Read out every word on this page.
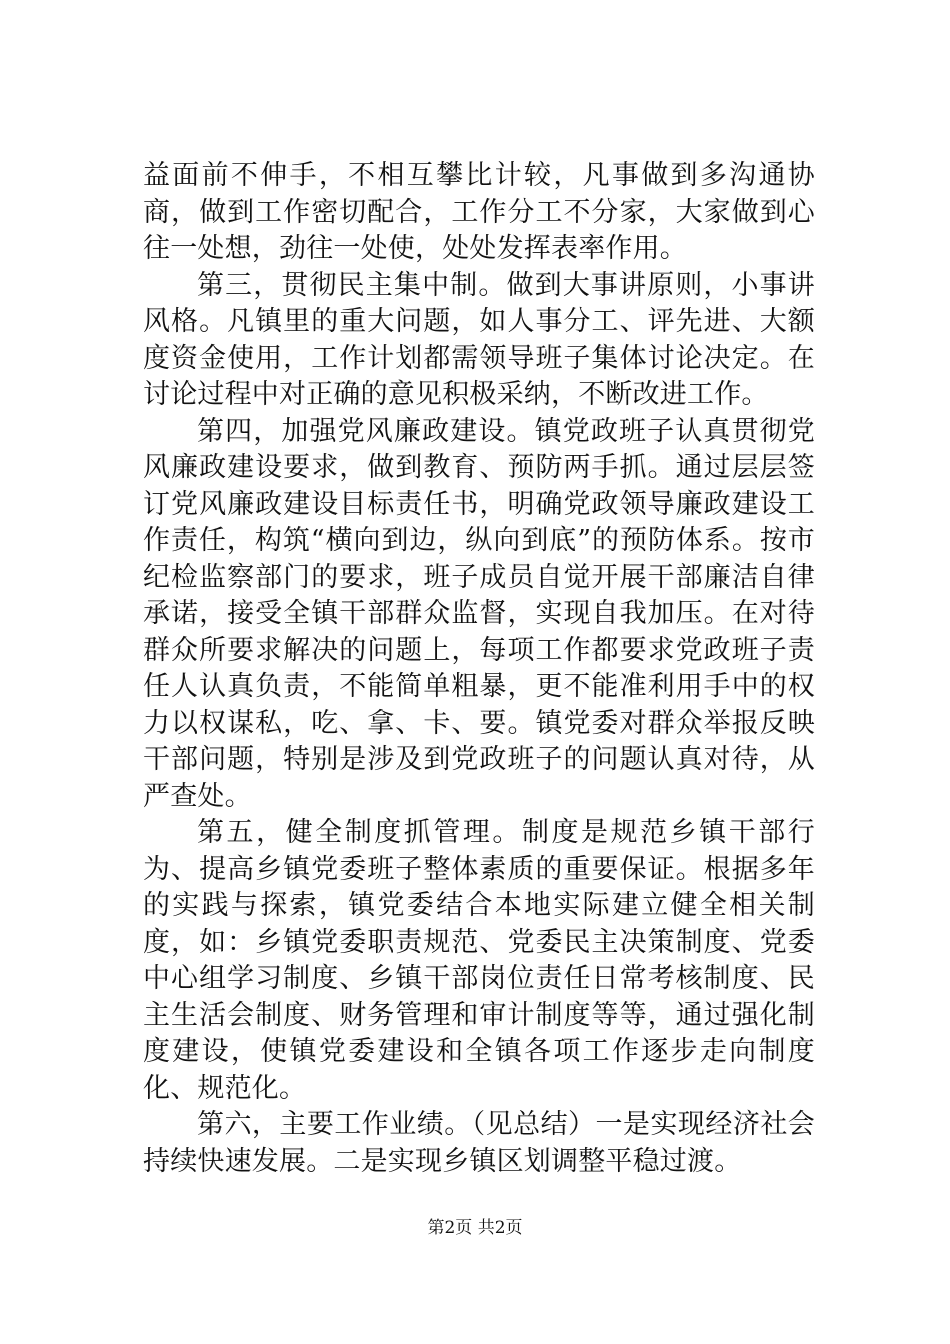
益面前不伸手，不相互攀比计较，凡事做到多沟通协商，做到工作密切配合，工作分工不分家，大家做到心往一处想，劲往一处使，处处发挥表率作用。

第三，贯彻民主集中制。做到大事讲原则，小事讲风格。凡镇里的重大问题，如人事分工、评先进、大额度资金使用，工作计划都需领导班子集体讨论决定。在讨论过程中对正确的意见积极采纳，不断改进工作。

第四，加强党风廉政建设。镇党政班子认真贯彻党风廉政建设要求，做到教育、预防两手抓。通过层层签订党风廉政建设目标责任书，明确党政领导廉政建设工作责任，构筑“横向到边，纵向到底”的预防体系。按市纪检监察部门的要求，班子成员自觉开展干部廉洁自律承诺，接受全镇干部群众监督，实现自我加压。在对待群众所要求解决的问题上，每项工作都要求党政班子责任人认真负责，不能简单粗暴，更不能准利用手中的权力以权谋私，吃、拿、卡、要。镇党委对群众举报反映干部问题，特别是涉及到党政班子的问题认真对待，从严查处。

第五，健全制度抓管理。制度是规范乡镇干部行为、提高乡镇党委班子整体素质的重要保证。根据多年的实践与探索，镇党委结合本地实际建立健全相关制度，如：乡镇党委职责规范、党委民主决策制度、党委中心组学习制度、乡镇干部岗位责任日常考核制度、民主生活会制度、财务管理和审计制度等等，通过强化制度建设，使镇党委建设和全镇各项工作逐步走向制度化、规范化。

第六，主要工作业绩。（见总结）一是实现经济社会持续快速发展。二是实现乡镇区划调整平稳过渡。

第2页 共2页
